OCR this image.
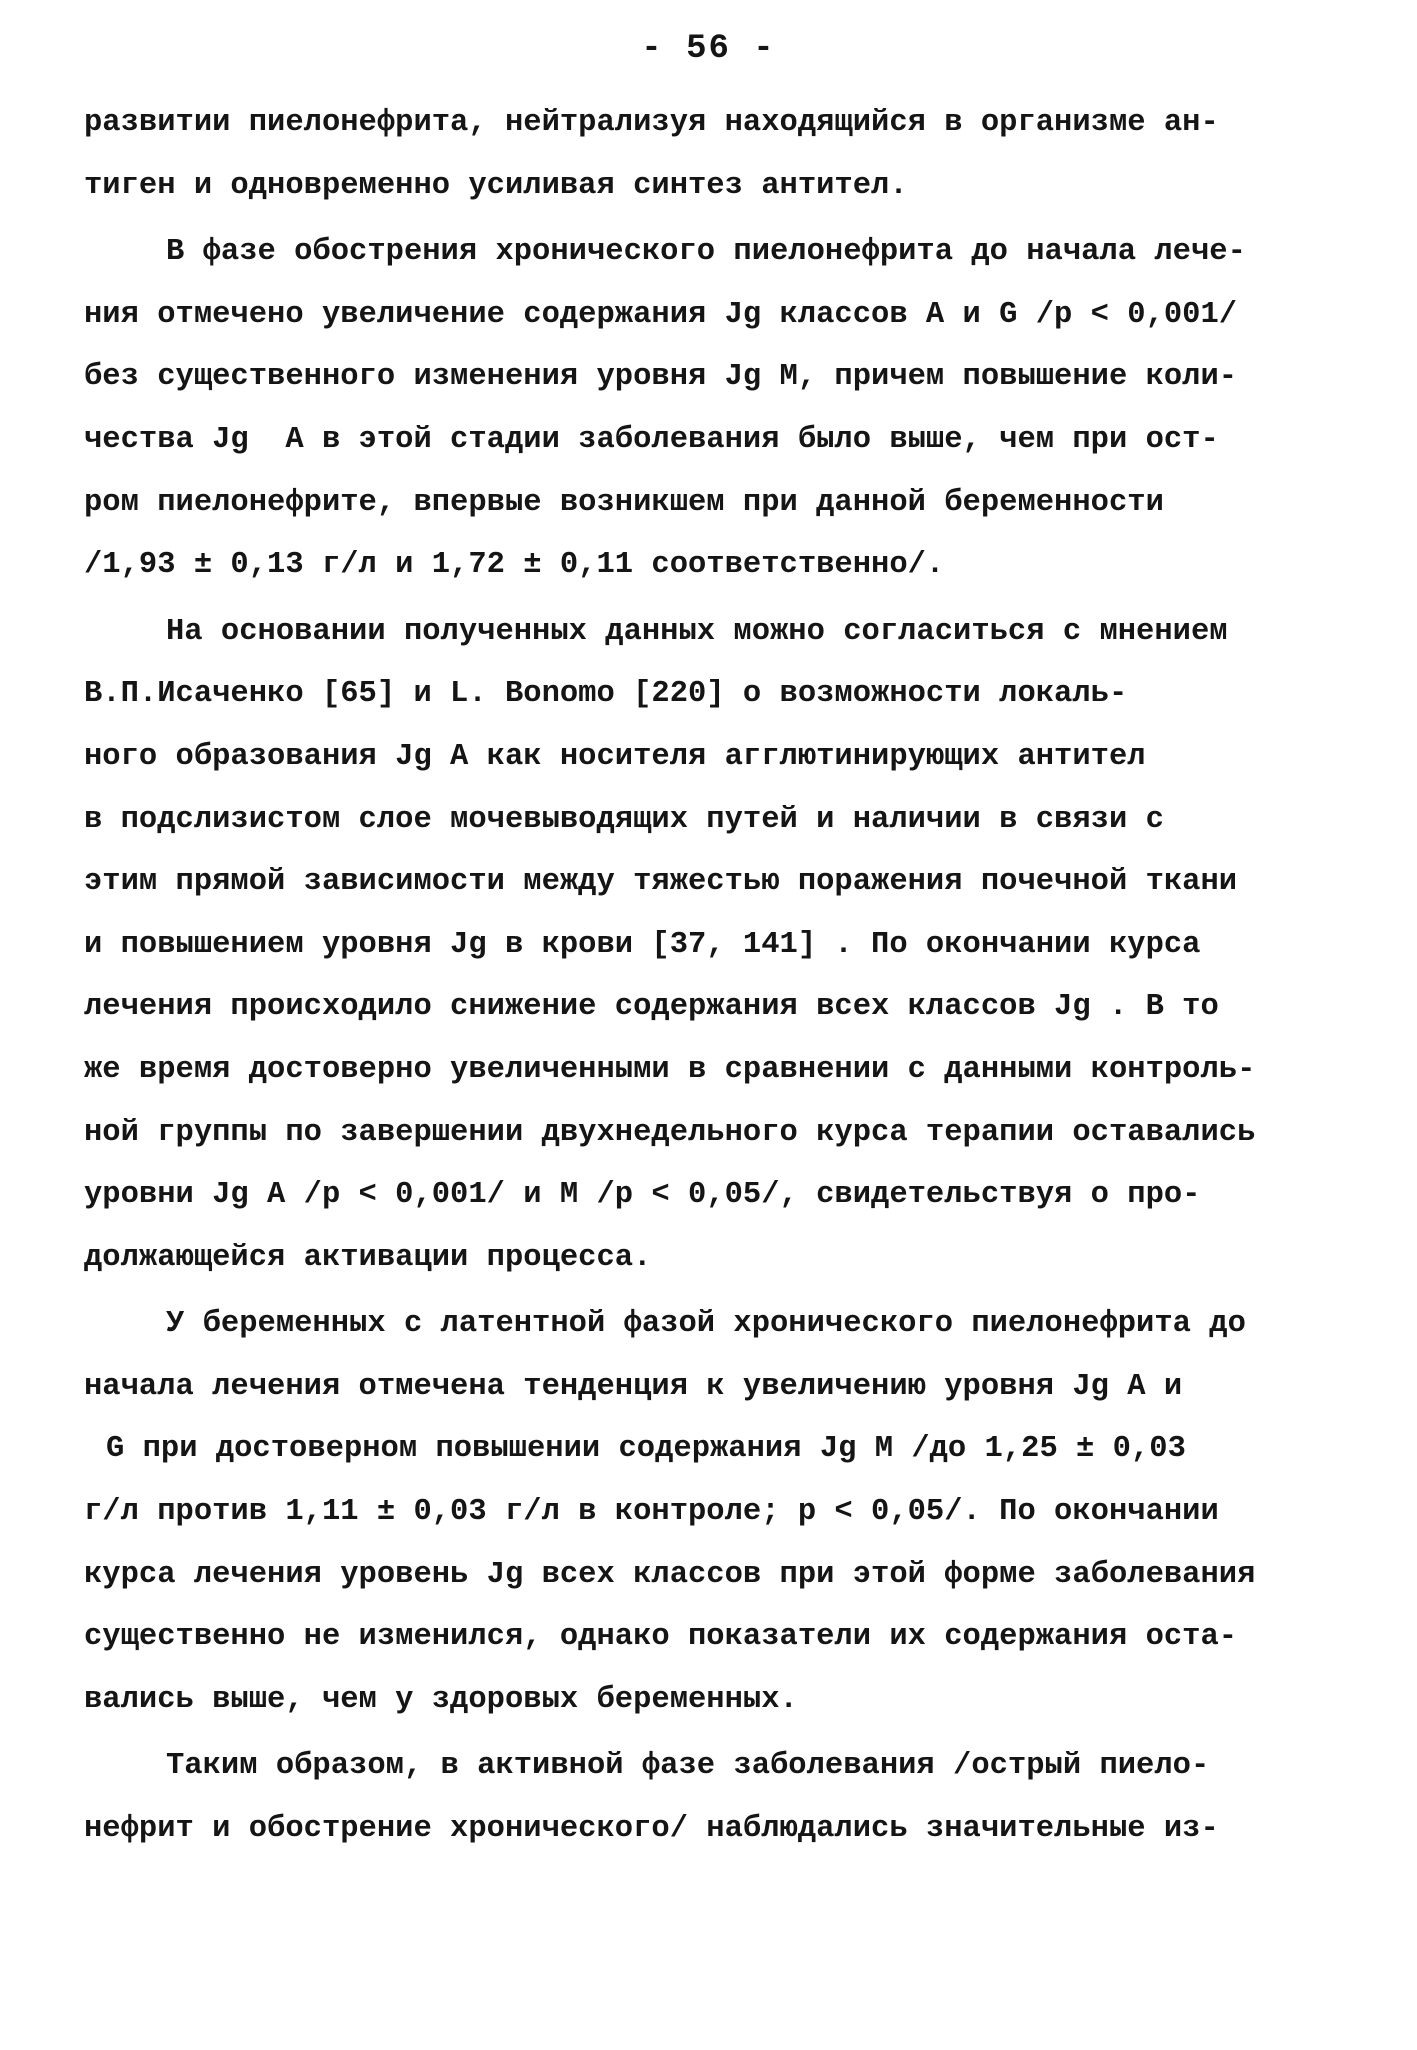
- 56 -
развитии пиелонефрита, нейтрализуя находящийся в организме ан-
тиген и одновременно усиливая синтез антител.
В фазе обострения хронического пиелонефрита до начала лече-
ния отмечено увеличение содержания Jg классов А и G /р < 0,001/
без существенного изменения уровня Jg М, причем повышение коли-
чества Jg  А в этой стадии заболевания было выше, чем при ост-
ром пиелонефрите, впервые возникшем при данной беременности
/1,93 ± 0,13 г/л и 1,72 ± 0,11 соответственно/.
На основании полученных данных можно согласиться с мнением
В.П.Исаченко [65] и L. Bonomo [220] о возможности локаль-
ного образования Jg А как носителя агглютинирующих антител
в подслизистом слое мочевыводящих путей и наличии в связи с
этим прямой зависимости между тяжестью поражения почечной ткани
и повышением уровня Jg в крови [37, 141] . По окончании курса
лечения происходило снижение содержания всех классов Jg . В то
же время достоверно увеличенными в сравнении с данными контроль-
ной группы по завершении двухнедельного курса терапии оставались
уровни Jg А /р < 0,001/ и М /р < 0,05/, свидетельствуя о про-
должающейся активации процесса.
У беременных с латентной фазой хронического пиелонефрита до
начала лечения отмечена тенденция к увеличению уровня Jg А и
G при достоверном повышении содержания Jg М /до 1,25 ± 0,03
г/л против 1,11 ± 0,03 г/л в контроле; р < 0,05/. По окончании
курса лечения уровень Jg всех классов при этой форме заболевания
существенно не изменился, однако показатели их содержания оста-
вались выше, чем у здоровых беременных.
Таким образом, в активной фазе заболевания /острый пиело-
нефрит и обострение хронического/ наблюдались значительные из-
